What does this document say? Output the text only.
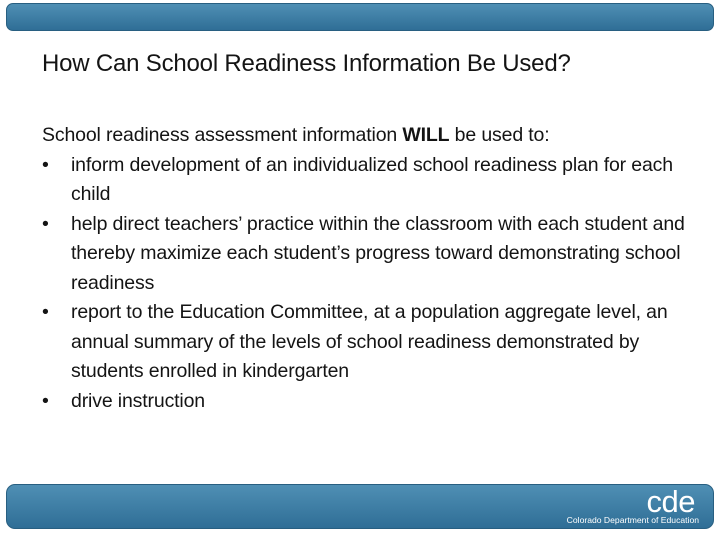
How Can School Readiness Information Be Used?
School readiness assessment information WILL be used to:
•	inform development of an individualized school readiness plan for each child
•	help direct teachers’ practice within the classroom with each student and thereby maximize each student’s progress toward demonstrating school readiness
•	report to the Education Committee, at a population aggregate level, an annual summary of the levels of school readiness demonstrated by students enrolled in kindergarten
•	drive instruction
cde
Colorado Department of Education
